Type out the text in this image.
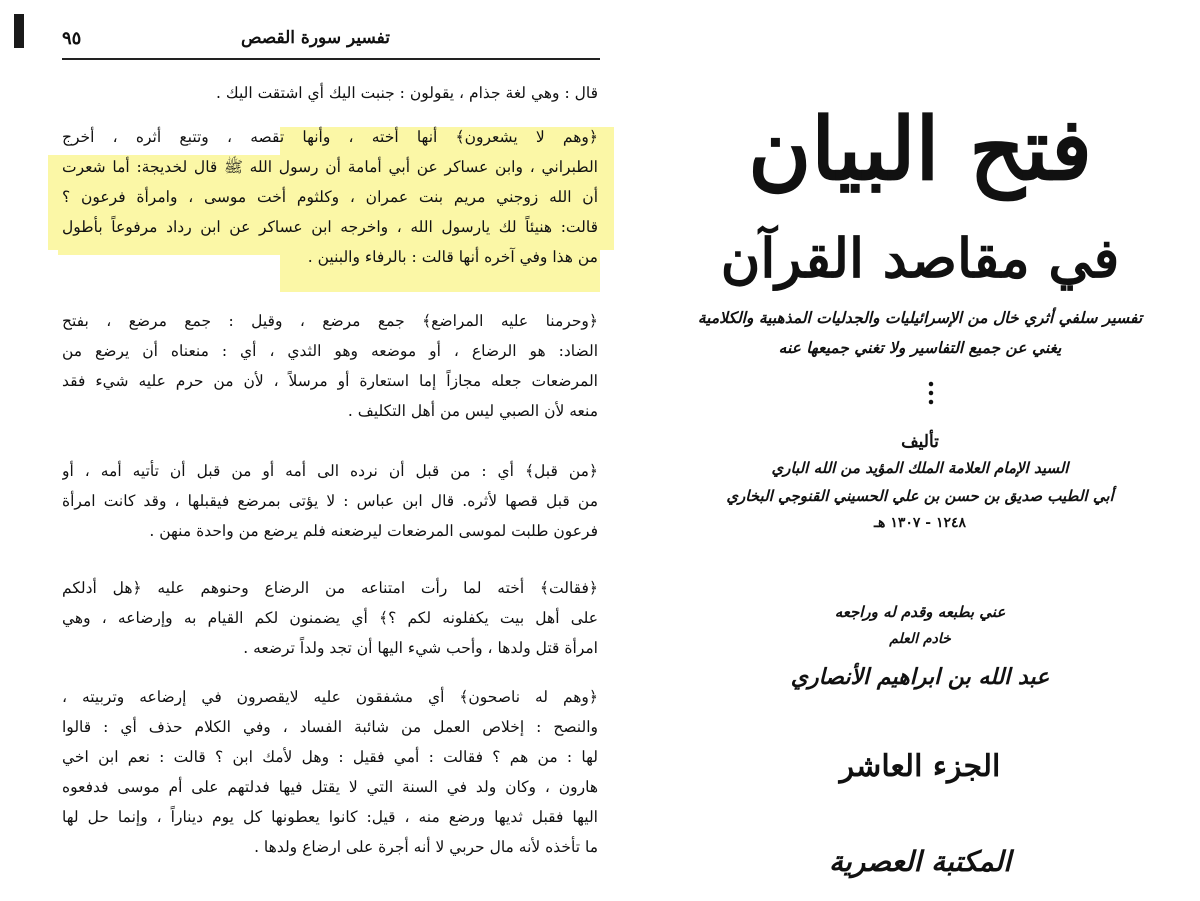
تفسير سورة القصص
٩٥
قال : وهي لغة جذام ، يقولون : جنبت اليك أي اشتقت اليك .
﴿وهم لا يشعرون﴾ أنها أخته ، وأنها تقصه ، وتتبع أثره ، أخرج
الطبراني ، وابن عساكر عن أبي أمامة أن رسول الله ﷺ قال لخديجة: أما شعرت
أن الله زوجني مريم بنت عمران ، وكلثوم أخت موسى ، وامرأة فرعون ؟
قالت: هنيئاً لك يارسول الله ، واخرجه ابن عساكر عن ابن رداد مرفوعاً بأطول
من هذا وفي آخره أنها قالت : بالرفاء والبنين .
﴿وحرمنا عليه المراضع﴾ جمع مرضع ، وقيل : جمع مرضع ، بفتح
الضاد: هو الرضاع ، أو موضعه وهو الثدي ، أي : منعناه أن يرضع من
المرضعات جعله مجازاً إما استعارة أو مرسلاً ، لأن من حرم عليه شيء فقد
منعه لأن الصبي ليس من أهل التكليف .
﴿من قبل﴾ أي : من قبل أن نرده الى أمه أو من قبل أن تأتيه أمه ، أو
من قبل قصها لأثره. قال ابن عباس : لا يؤتى بمرضع فيقبلها ، وقد كانت امرأة
فرعون طلبت لموسى المرضعات ليرضعنه فلم يرضع من واحدة منهن .
﴿فقالت﴾ أخته لما رأت امتناعه من الرضاع وحنوهم عليه ﴿هل أدلكم
على أهل بيت يكفلونه لكم ؟﴾ أي يضمنون لكم القيام به وإرضاعه ، وهي
امرأة قتل ولدها ، وأحب شيء اليها أن تجد ولداً ترضعه .
﴿وهم له ناصحون﴾ أي مشفقون عليه لايقصرون في إرضاعه وتربيته ،
والنصح : إخلاص العمل من شائبة الفساد ، وفي الكلام حذف أي : قالوا
لها : من هم ؟ فقالت : أمي فقيل : وهل لأمك ابن ؟ قالت : نعم ابن اخي
هارون ، وكان ولد في السنة التي لا يقتل فيها فدلتهم على أم موسى فدفعوه
اليها فقبل ثديها ورضع منه ، قيل: كانوا يعطونها كل يوم ديناراً ، وإنما حل لها
ما تأخذه لأنه مال حربي لا أنه أجرة على ارضاع ولدها .
فتح البيان
في مقاصد القرآن
تفسير سلفي أثري خال من الإسرائيليات والجدليات المذهبية والكلامية
يغني عن جميع التفاسير ولا تغني جميعها عنه
تأليف
السيد الإمام العلامة الملك المؤيد من الله الباري
أبي الطيب صديق بن حسن بن علي الحسيني القنوجي البخاري
١٢٤٨ - ١٣٠٧ هـ
عني بطبعه وقدم له وراجعه
خادم العلم
عبد الله بن ابراهيم الأنصاري
الجزء العاشر
المكتبة العصرية
